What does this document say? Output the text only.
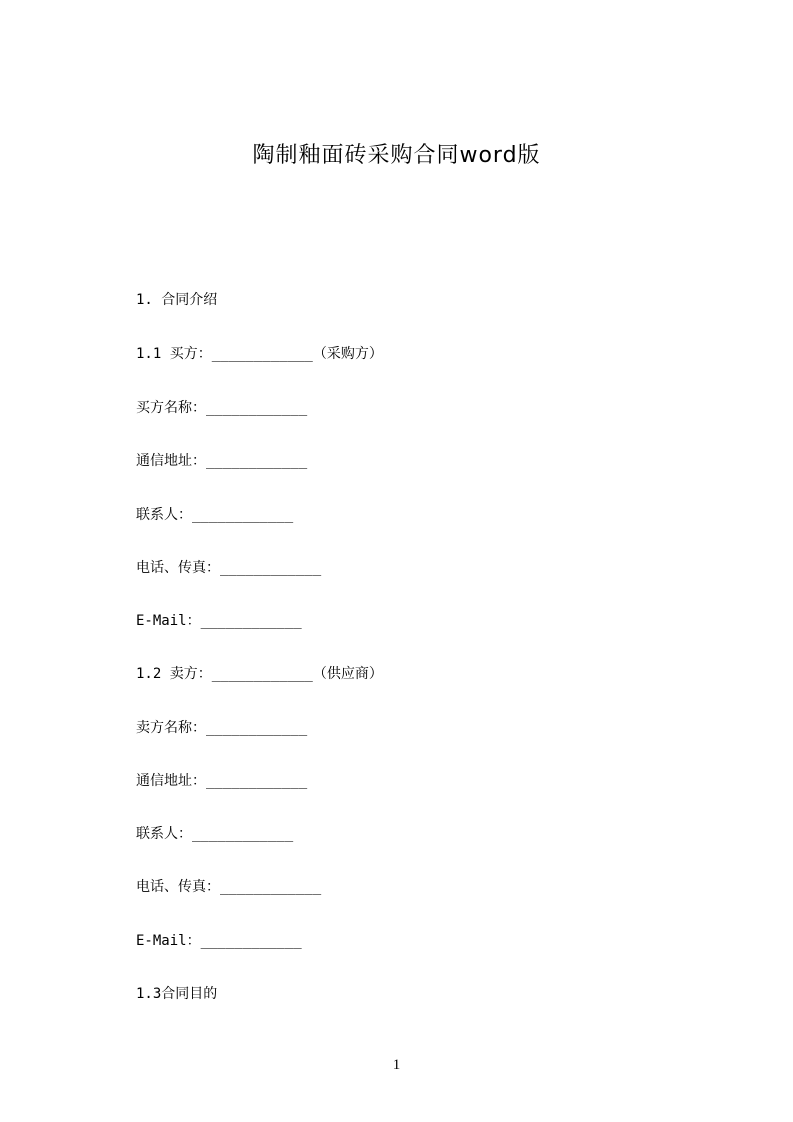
陶制釉面砖采购合同word版
1. 合同介绍
1.1 买方：____________（采购方）
买方名称：____________
通信地址：____________
联系人：____________
电话、传真：____________
E-Mail：____________
1.2 卖方：____________（供应商）
卖方名称：____________
通信地址：____________
联系人：____________
电话、传真：____________
E-Mail：____________
1.3合同目的
1
